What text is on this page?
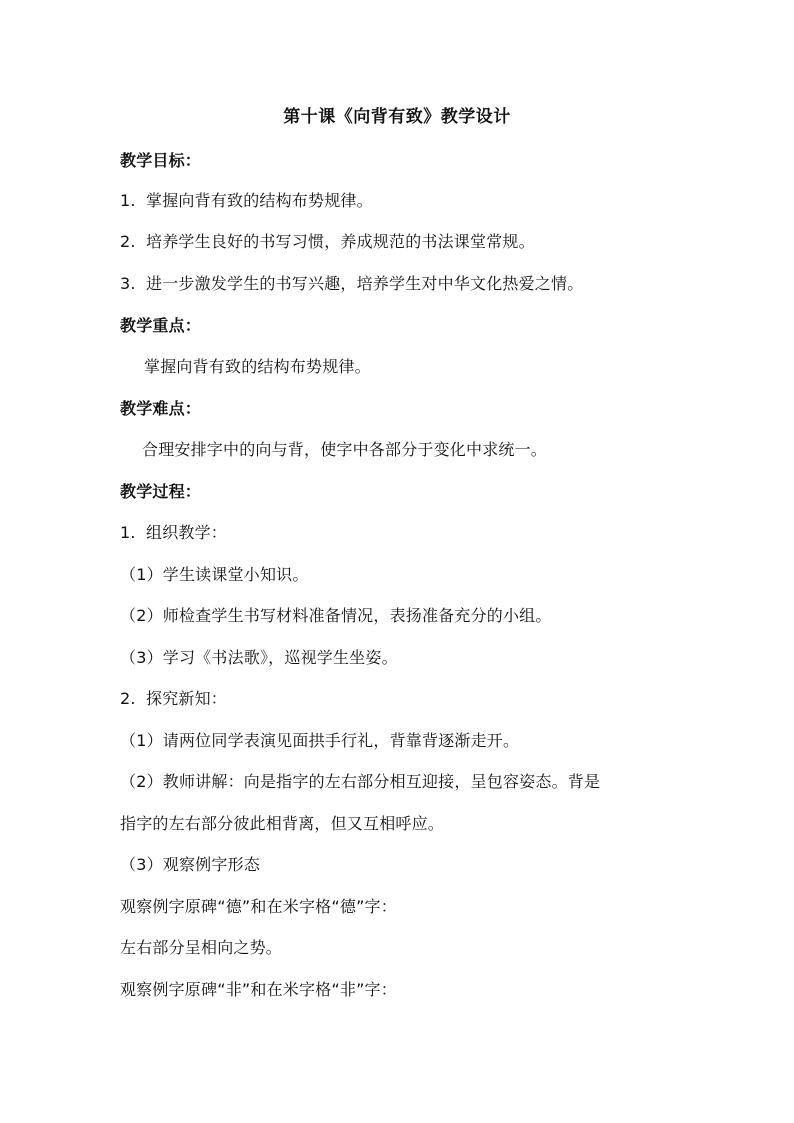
第十课《向背有致》教学设计
教学目标：
1. 掌握向背有致的结构布势规律。
2. 培养学生良好的书写习惯，养成规范的书法课堂常规。
3. 进一步激发学生的书写兴趣，培养学生对中华文化热爱之情。
教学重点：
掌握向背有致的结构布势规律。
教学难点：
合理安排字中的向与背，使字中各部分于变化中求统一。
教学过程：
1. 组织教学：
（1）学生读课堂小知识。
（2）师检查学生书写材料准备情况，表扬准备充分的小组。
（3）学习《书法歌》，巡视学生坐姿。
2. 探究新知：
（1）请两位同学表演见面拱手行礼，背靠背逐渐走开。
（2）教师讲解：向是指字的左右部分相互迎接，呈包容姿态。背是
指字的左右部分彼此相背离，但又互相呼应。
（3）观察例字形态
观察例字原碑“德”和在米字格“德”字：
左右部分呈相向之势。
观察例字原碑“非”和在米字格“非”字：
